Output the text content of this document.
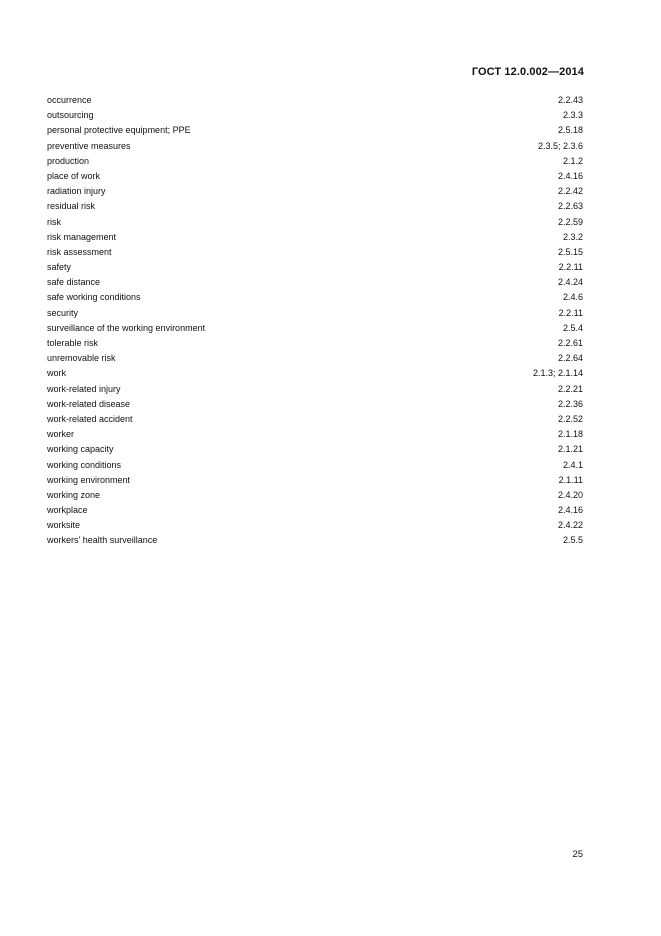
ГОСТ 12.0.002—2014
occurrence	2.2.43
outsourcing	2.3.3
personal protective equipment; PPE	2.5.18
preventive measures	2.3.5; 2.3.6
production	2.1.2
place of work	2.4.16
radiation injury	2.2.42
residual risk	2.2.63
risk	2.2.59
risk management	2.3.2
risk assessment	2.5.15
safety	2.2.11
safe distance	2.4.24
safe working conditions	2.4.6
security	2.2.11
surveillance of the working environment	2.5.4
tolerable risk	2.2.61
unremovable risk	2.2.64
work	2.1.3; 2.1.14
work-related injury	2.2.21
work-related disease	2.2.36
work-related accident	2.2.52
worker	2.1.18
working capacity	2.1.21
working conditions	2.4.1
working environment	2.1.11
working zone	2.4.20
workplace	2.4.16
worksite	2.4.22
workers' health surveillance	2.5.5
25
